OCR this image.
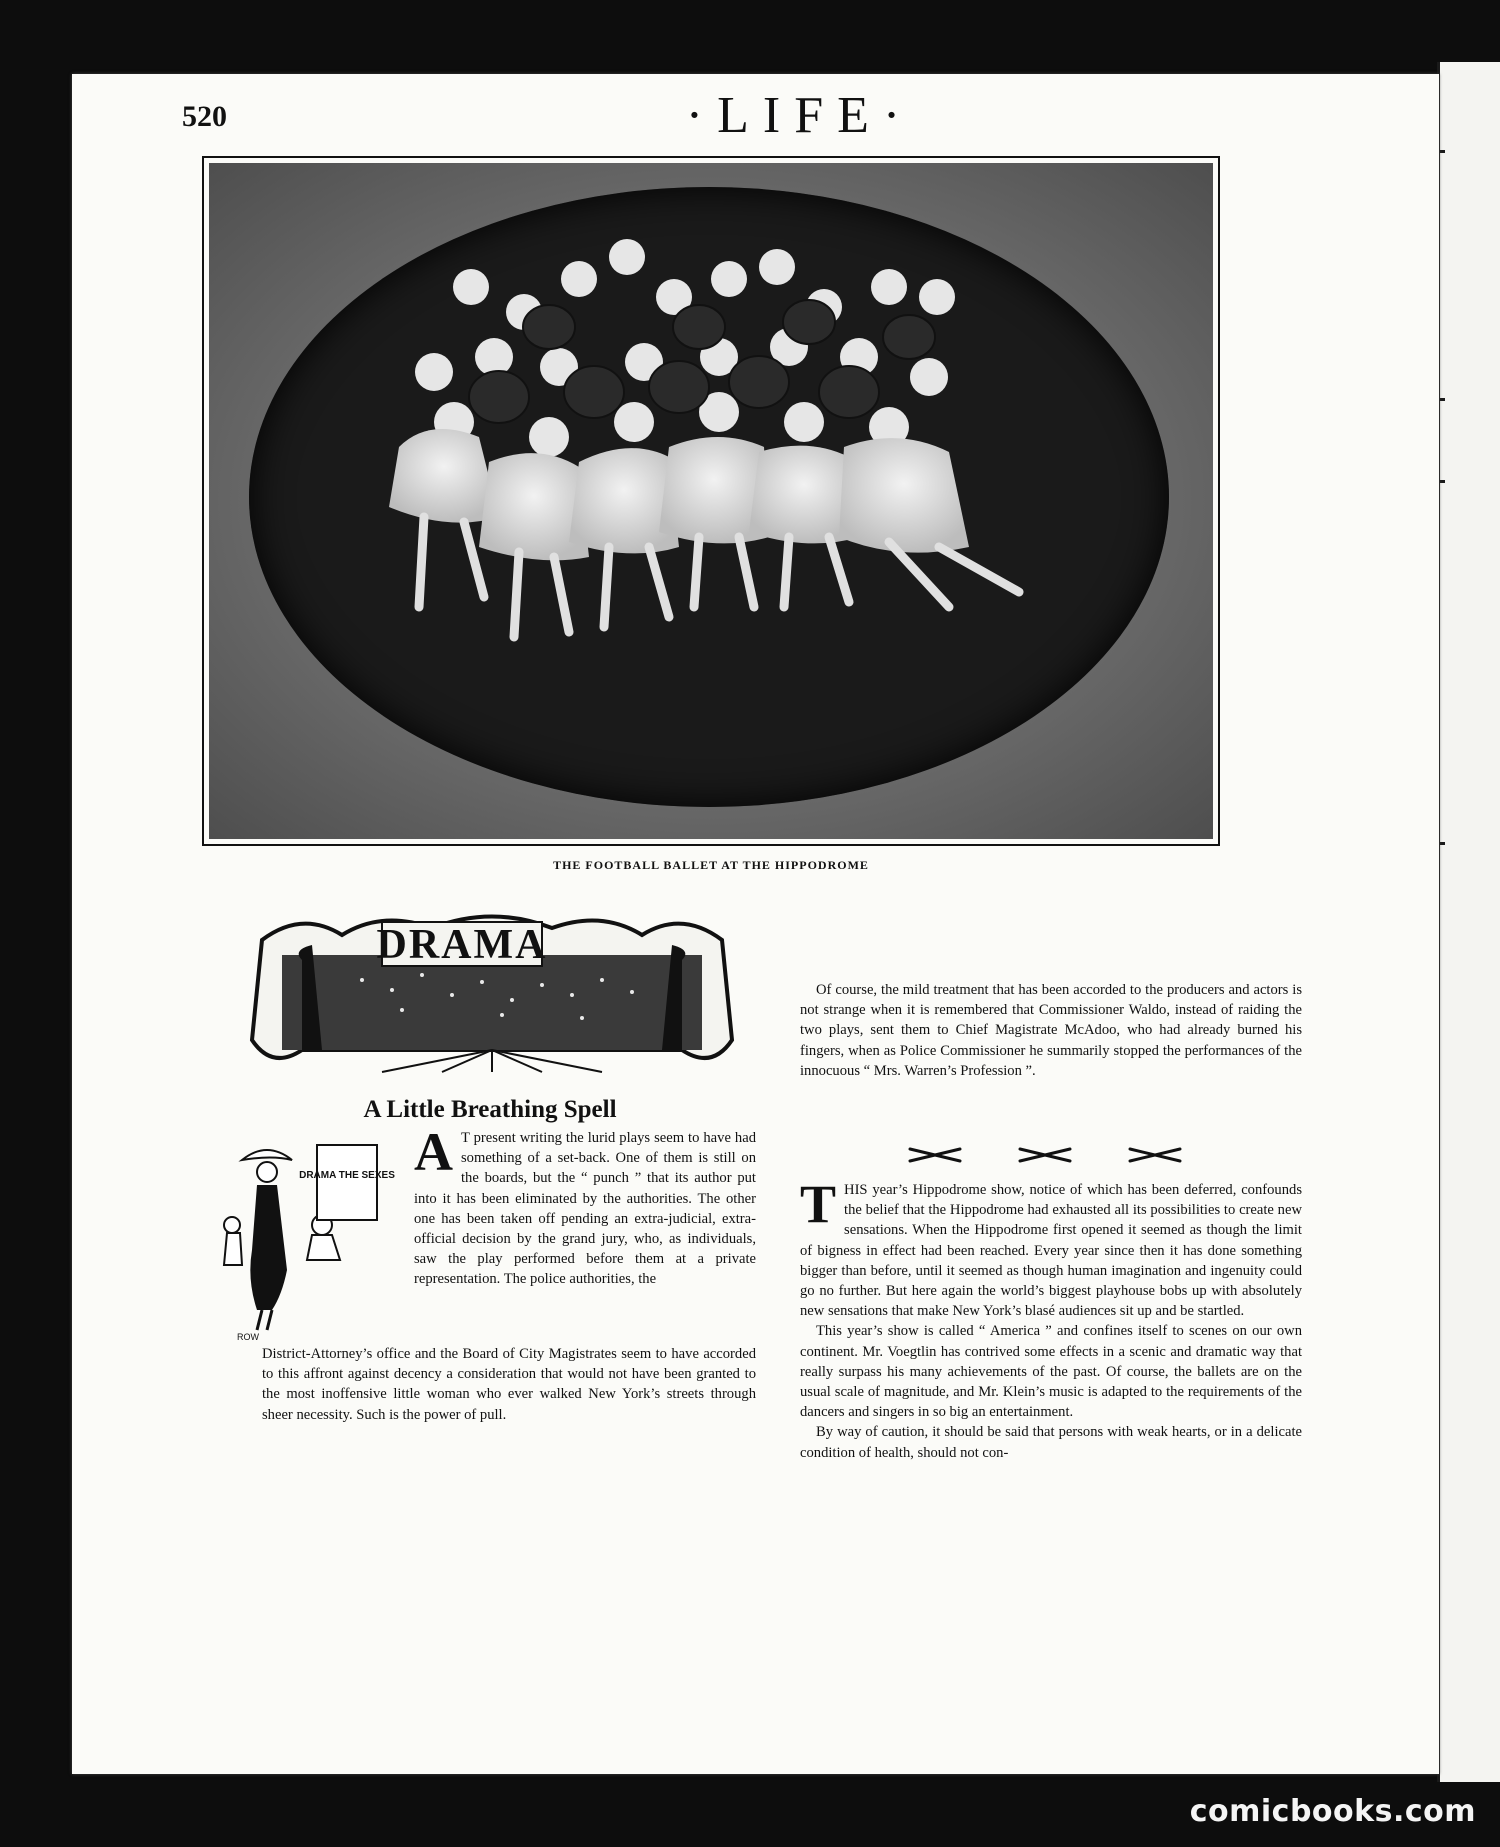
520	·LIFE·
THE FOOTBALL BALLET AT THE HIPPODROME
DRAMA
A Little Breathing Spell
DRAMA THE SEXES
ROW

A T present writing the lurid plays seem to have had something of a set-back. One of them is still on the boards, but the “ punch ” that its author put into it has been eliminated by the authorities. The other one has been taken off pending an extra-judicial, extra-official decision by the grand jury, who, as individuals, saw the play performed before them at a private representation. The police authorities, the

District-Attorney’s office and the Board of City Magistrates seem to have accorded to this affront against decency a consideration that would not have been granted to the most inoffensive little woman who ever walked New York’s streets through sheer necessity. Such is the power of pull.

Of course, the mild treatment that has been accorded to the producers and actors is not strange when it is remembered that Commissioner Waldo, instead of raiding the two plays, sent them to Chief Magistrate McAdoo, who had already burned his fingers, when as Police Commissioner he summarily stopped the performances of the innocuous “ Mrs. Warren’s Profession ”.

THIS year’s Hippodrome show, notice of which has been deferred, confounds the belief that the Hippodrome had exhausted all its possibilities to create new sensations. When the Hippodrome first opened it seemed as though the limit of bigness in effect had been reached. Every year since then it has done something bigger than before, until it seemed as though human imagination and ingenuity could go no further. But here again the world’s biggest playhouse bobs up with absolutely new sensations that make New York’s blasé audiences sit up and be startled.

This year’s show is called “ America ” and confines itself to scenes on our own continent. Mr. Voegtlin has contrived some effects in a scenic and dramatic way that really surpass his many achievements of the past. Of course, the ballets are on the usual scale of magnitude, and Mr. Klein’s music is adapted to the requirements of the dancers and singers in so big an entertainment.

By way of caution, it should be said that persons with weak hearts, or in a delicate condition of health, should not con-

comicbooks.com
